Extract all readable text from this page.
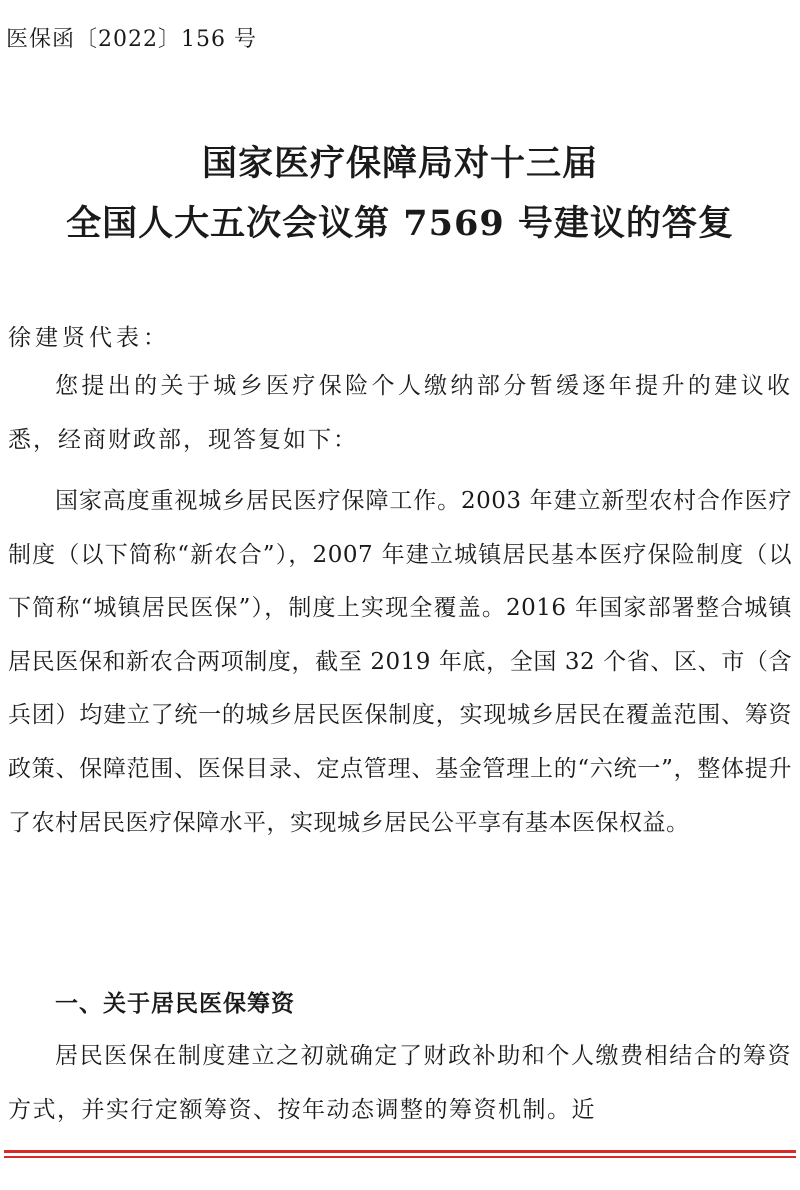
医保函〔2022〕156 号
国家医疗保障局对十三届
全国人大五次会议第 7569 号建议的答复
徐建贤代表：
您提出的关于城乡医疗保险个人缴纳部分暂缓逐年提升的建议收悉，经商财政部，现答复如下：
国家高度重视城乡居民医疗保障工作。2003 年建立新型农村合作医疗制度（以下简称“新农合”），2007 年建立城镇居民基本医疗保险制度（以下简称“城镇居民医保”），制度上实现全覆盖。2016 年国家部署整合城镇居民医保和新农合两项制度，截至 2019 年底，全国 32 个省、区、市（含兵团）均建立了统一的城乡居民医保制度，实现城乡居民在覆盖范围、筹资政策、保障范围、医保目录、定点管理、基金管理上的“六统一”，整体提升了农村居民医疗保障水平，实现城乡居民公平享有基本医保权益。
一、关于居民医保筹资
居民医保在制度建立之初就确定了财政补助和个人缴费相结合的筹资方式，并实行定额筹资、按年动态调整的筹资机制。近
